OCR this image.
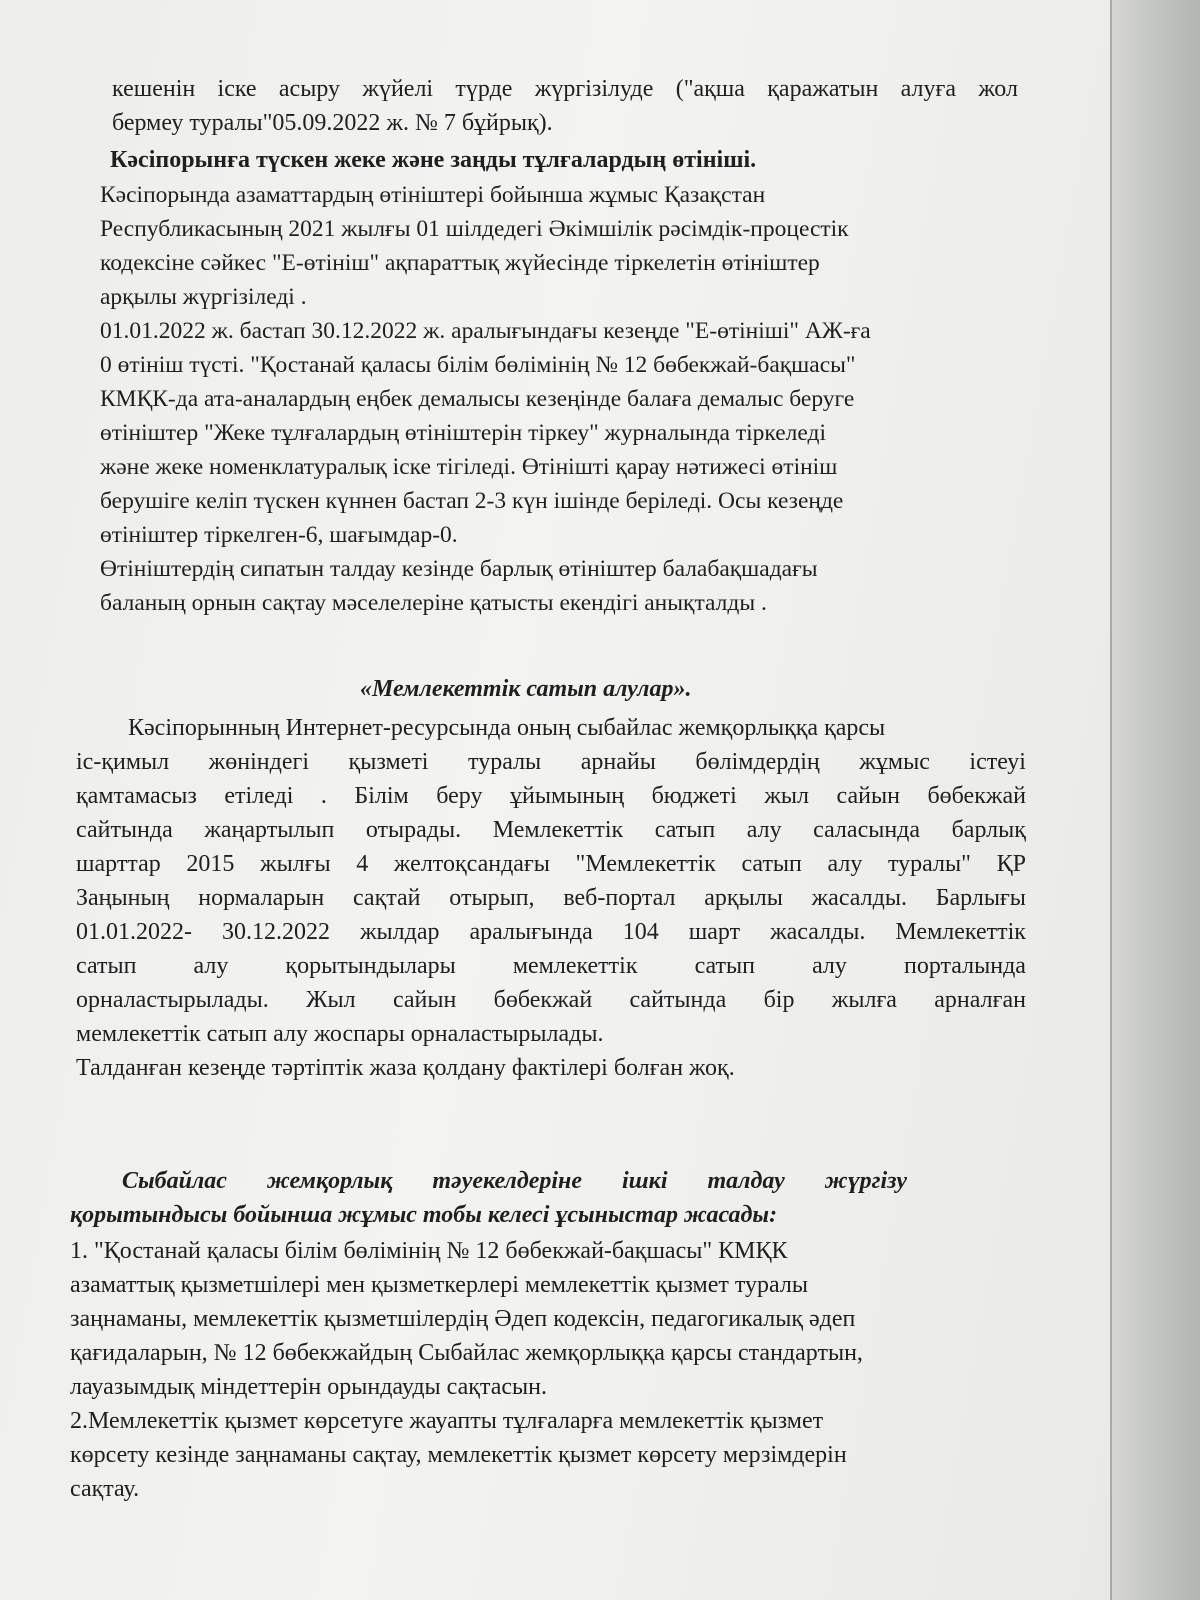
кешенін іске асыру жүйелі түрде жүргізілуде ("ақша қаражатын алуға жол
бермеу туралы"05.09.2022 ж. № 7 бұйрық).
Кәсіпорынға түскен жеке және заңды тұлғалардың өтініші.
Кәсіпорында азаматтардың өтініштері бойынша жұмыс Қазақстан
Республикасының 2021 жылғы 01 шілдедегі Әкімшілік рәсімдік-процестік
кодексіне сәйкес "Е-өтініш" ақпараттық жүйесінде тіркелетін өтініштер
арқылы жүргізіледі .
01.01.2022 ж. бастап 30.12.2022 ж. аралығындағы кезеңде "Е-өтініші" АЖ-ға
0 өтініш түсті. "Қостанай қаласы білім бөлімінің № 12 бөбекжай-бақшасы"
КМҚК-да ата-аналардың еңбек демалысы кезеңінде балаға демалыс беруге
өтініштер "Жеке тұлғалардың өтініштерін тіркеу" журналында тіркеледі
және жеке номенклатуралық іске тігіледі. Өтінішті қарау нәтижесі өтініш
берушіге келіп түскен күннен бастап 2-3 күн ішінде беріледі. Осы кезеңде
өтініштер тіркелген-6, шағымдар-0.
Өтініштердің сипатын талдау кезінде барлық өтініштер балабақшадағы
баланың орнын сақтау мәселелеріне қатысты екендігі анықталды .
«Мемлекеттік сатып алулар».
Кәсіпорынның Интернет-ресурсында оның сыбайлас жемқорлыққа қарсы
іс-қимыл жөніндегі қызметі туралы арнайы бөлімдердің жұмыс істеуі
қамтамасыз етіледі . Білім беру ұйымының бюджеті жыл сайын бөбекжай
сайтында жаңартылып отырады. Мемлекеттік сатып алу саласында барлық
шарттар 2015 жылғы 4 желтоқсандағы "Мемлекеттік сатып алу туралы" ҚР
Заңының нормаларын сақтай отырып, веб-портал арқылы жасалды. Барлығы
01.01.2022- 30.12.2022 жылдар аралығында 104 шарт жасалды. Мемлекеттік
сатып алу қорытындылары мемлекеттік сатып алу порталында
орналастырылады. Жыл сайын бөбекжай сайтында бір жылға арналған
мемлекеттік сатып алу жоспары орналастырылады.
Талданған кезеңде тәртіптік жаза қолдану фактілері болған жоқ.
Сыбайлас жемқорлық тәуекелдеріне ішкі талдау жүргізу
қорытындысы бойынша жұмыс тобы келесі ұсыныстар жасады:
1. "Қостанай қаласы білім бөлімінің № 12 бөбекжай-бақшасы" КМҚК
азаматтық қызметшілері мен қызметкерлері мемлекеттік қызмет туралы
заңнаманы, мемлекеттік қызметшілердің Әдеп кодексін, педагогикалық әдеп
қағидаларын, № 12 бөбекжайдың Сыбайлас жемқорлыққа қарсы стандартын,
лауазымдық міндеттерін орындауды сақтасын.
2.Мемлекеттік қызмет көрсетуге жауапты тұлғаларға мемлекеттік қызмет
көрсету кезінде заңнаманы сақтау, мемлекеттік қызмет көрсету мерзімдерін
сақтау.
